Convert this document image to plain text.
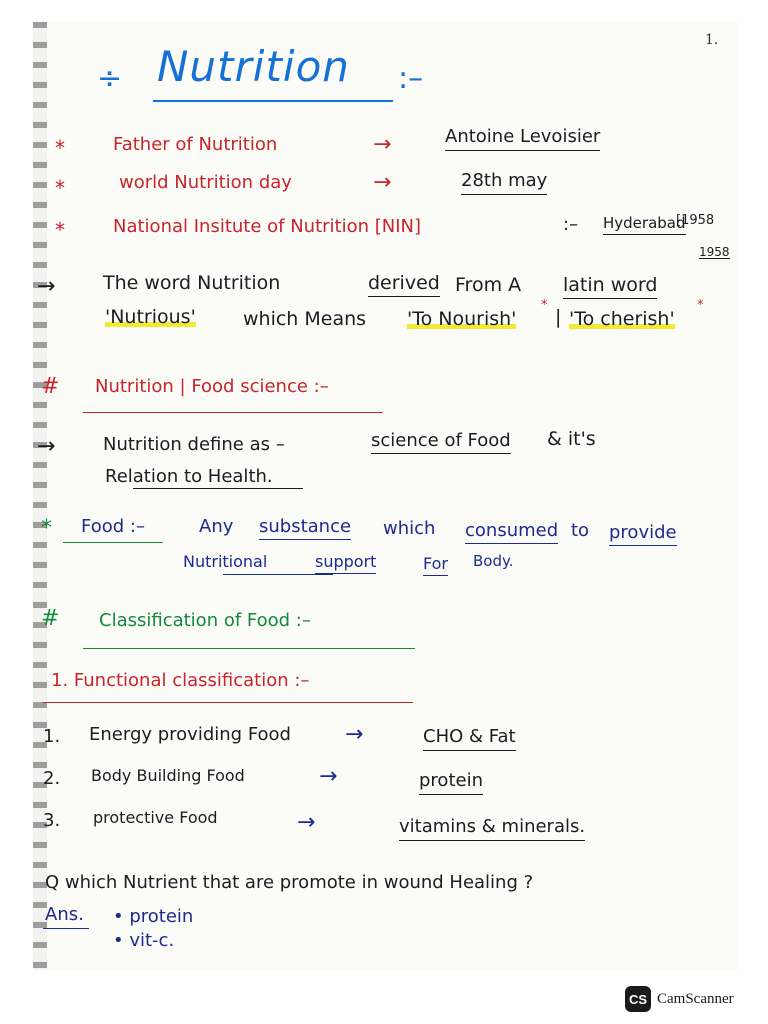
1.
÷ Nutrition :–
*	Father of Nutrition	→	Antoine Levoisier
*	world Nutrition day	→	28th may
*	National Insitute of Nutrition [NIN]	:– Hyderabad
[1958
1958
→	The word Nutrition	derived From A latin word
'Nutrious' which Means 'To Nourish'
*
| 'To cherish'
*
# Nutrition | Food science :–
→	Nutrition define as –	science of Food & it's
Relation to Health.
* Food :–	Any substance which consumed to provide
Nutritional	support	For Body.
# Classification of Food :–
1. Functional classification :–
1. Energy providing Food →	CHO & Fat
2. Body Building Food	→	protein
3. protective Food	→	vitamins & minerals.
Q which Nutrient that are promote in wound Healing ?
Ans. • protein
• vit-c.
CS CamScanner
